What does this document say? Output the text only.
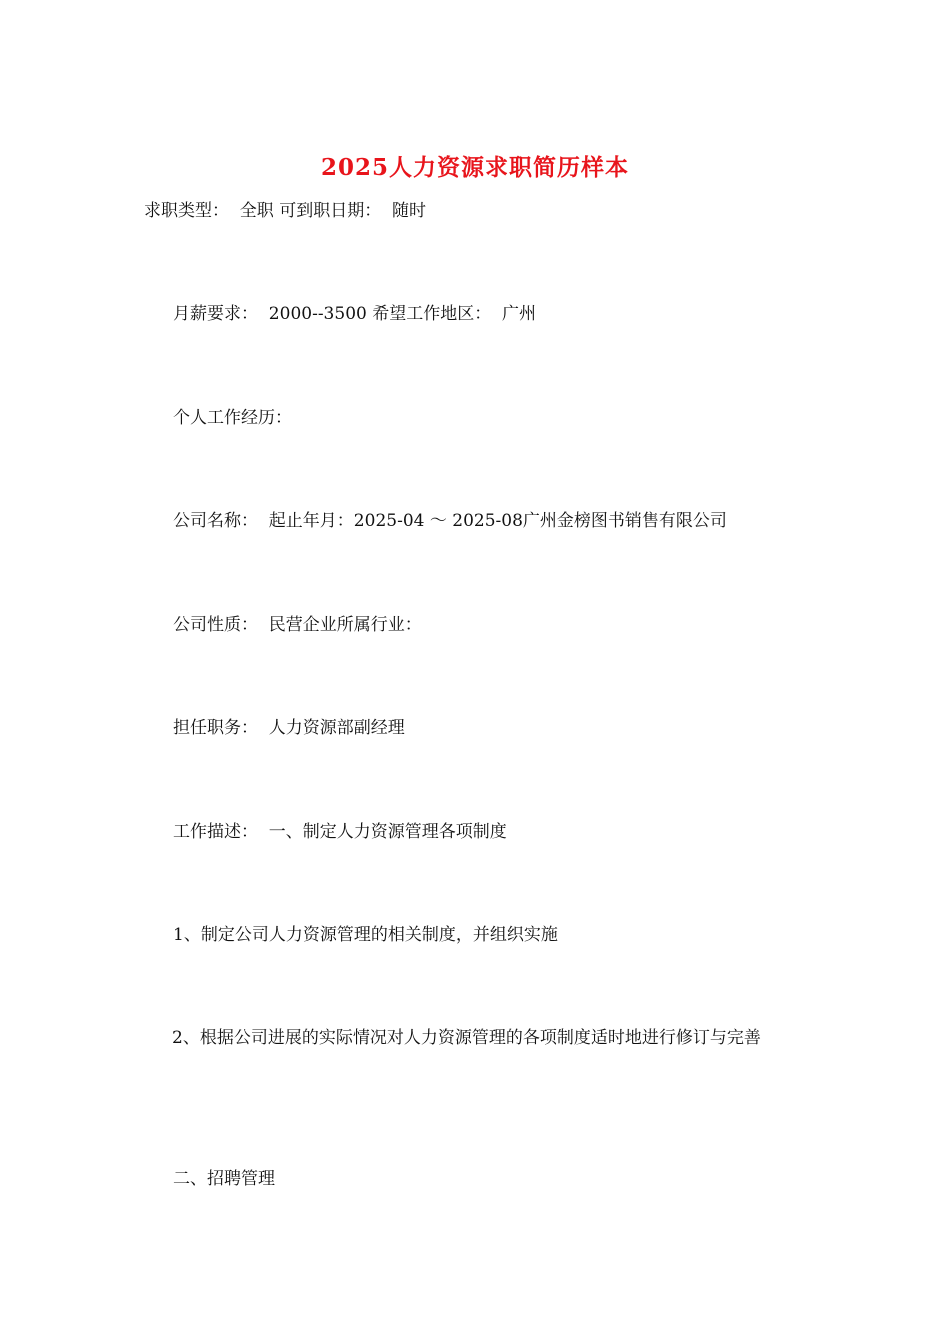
2025人力资源求职简历样本
求职类型：  全职 可到职日期：  随时
月薪要求：  2000--3500 希望工作地区：  广州
个人工作经历：
公司名称：  起止年月：2025-04 ～ 2025-08广州金榜图书销售有限公司
公司性质：  民营企业所属行业：
担任职务：  人力资源部副经理
工作描述：  一、制定人力资源管理各项制度
1、制定公司人力资源管理的相关制度，并组织实施
2、根据公司进展的实际情况对人力资源管理的各项制度适时地进行修订与完善
二、招聘管理
